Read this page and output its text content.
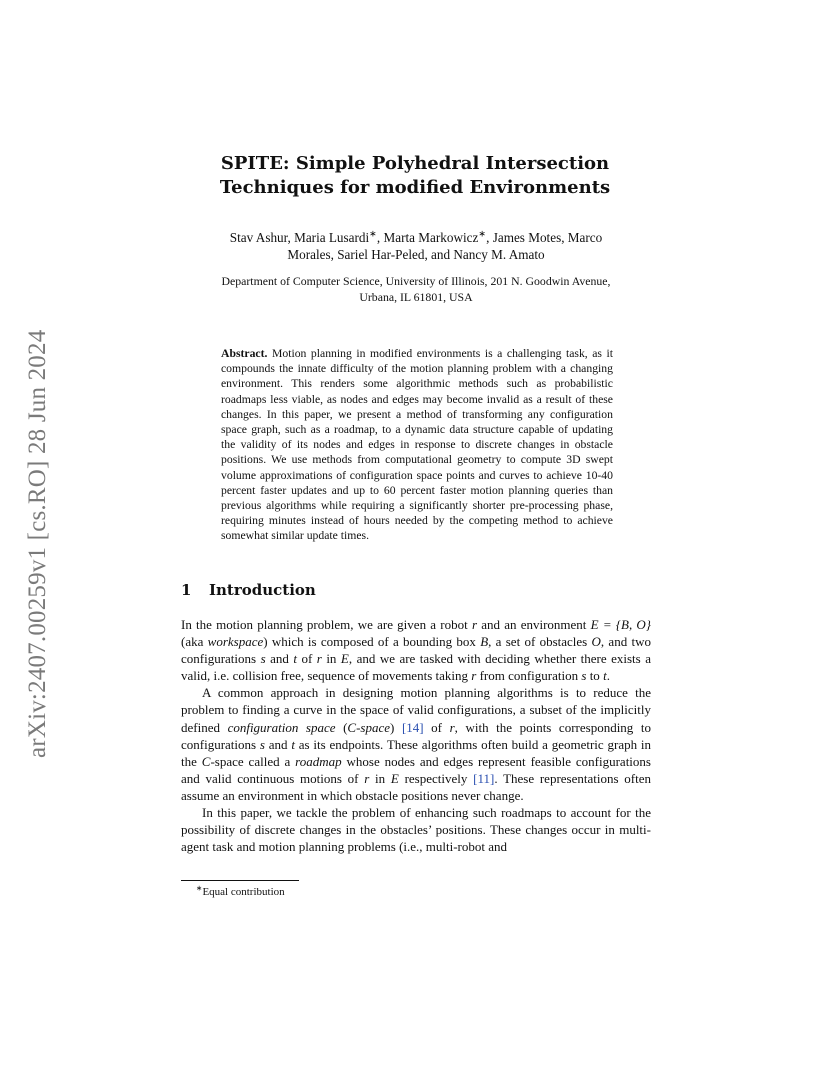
arXiv:2407.00259v1 [cs.RO] 28 Jun 2024
SPITE: Simple Polyhedral Intersection
Techniques for modified Environments
Stav Ashur, Maria Lusardi∗, Marta Markowicz∗, James Motes, Marco
Morales, Sariel Har-Peled, and Nancy M. Amato
Department of Computer Science, University of Illinois, 201 N. Goodwin Avenue,
Urbana, IL 61801, USA
Abstract. Motion planning in modified environments is a challenging task, as it compounds the innate difficulty of the motion planning problem with a changing environment. This renders some algorithmic methods such as probabilistic roadmaps less viable, as nodes and edges may become invalid as a result of these changes. In this paper, we present a method of transforming any configuration space graph, such as a roadmap, to a dynamic data structure capable of updating the validity of its nodes and edges in response to discrete changes in obstacle positions. We use methods from computational geometry to compute 3D swept volume approximations of configuration space points and curves to achieve 10-40 percent faster updates and up to 60 percent faster motion planning queries than previous algorithms while requiring a significantly shorter pre-processing phase, requiring minutes instead of hours needed by the competing method to achieve somewhat similar update times.
1 Introduction

In the motion planning problem, we are given a robot r and an environment E = {B, O} (aka workspace) which is composed of a bounding box B, a set of obstacles O, and two configurations s and t of r in E, and we are tasked with deciding whether there exists a valid, i.e. collision free, sequence of movements taking r from configuration s to t.

A common approach in designing motion planning algorithms is to reduce the problem to finding a curve in the space of valid configurations, a subset of the implicitly defined configuration space (C-space) [14] of r, with the points corresponding to configurations s and t as its endpoints. These algorithms often build a geometric graph in the C-space called a roadmap whose nodes and edges represent feasible configurations and valid continuous motions of r in E respectively [11]. These representations often assume an environment in which obstacle positions never change.

In this paper, we tackle the problem of enhancing such roadmaps to account for the possibility of discrete changes in the obstacles’ positions. These changes occur in multi-agent task and motion planning problems (i.e., multi-robot and

∗Equal contribution
